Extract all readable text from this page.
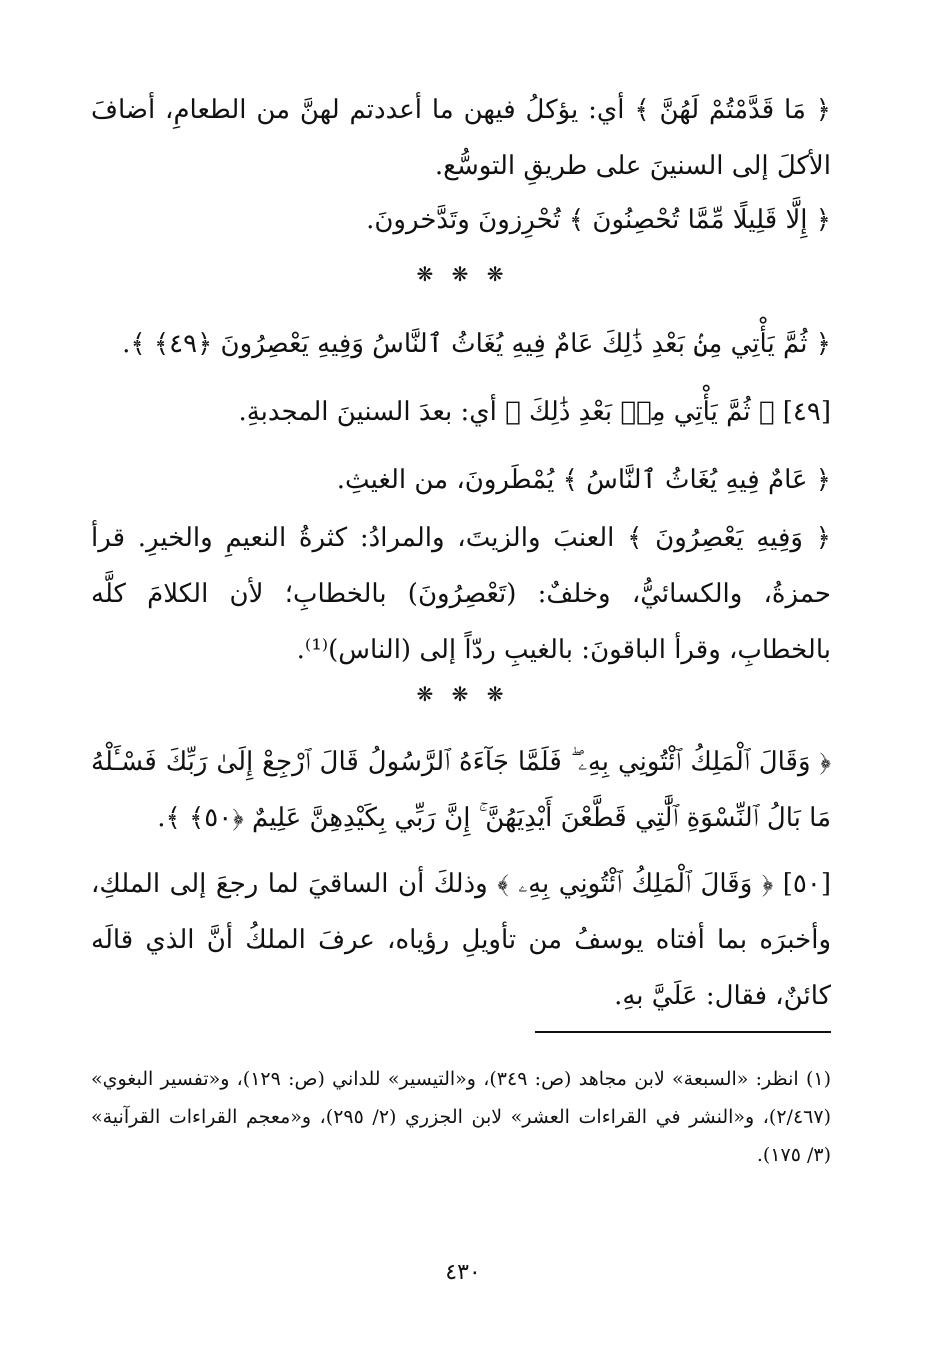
﴿ مَا قَدَّمْتُمْ لَهُنَّ ﴾ أي: يؤكلُ فيهن ما أعددتم لهنَّ من الطعامِ، أضافَ الأكلَ إلى السنينَ على طريقِ التوسُّع.

﴿ إِلَّا قَلِيلًا مِّمَّا تُحْصِنُونَ ﴾ تُحْرِزونَ وتَدَّخرونَ.

❋ ❋ ❋

﴿ ثُمَّ يَأْتِي مِنۢ بَعْدِ ذَٰلِكَ عَامٌ فِيهِ يُغَاثُ ٱلنَّاسُ وَفِيهِ يَعْصِرُونَ ﴿٤٩﴾ ﴾.

[٤٩] ﴿ ثُمَّ يَأْتِي مِنۢ بَعْدِ ذَٰلِكَ ﴾ أي: بعدَ السنينَ المجدبةِ.

﴿ عَامٌ فِيهِ يُغَاثُ ٱلنَّاسُ ﴾ يُمْطَرونَ، من الغيثِ.

﴿ وَفِيهِ يَعْصِرُونَ ﴾ العنبَ والزيتَ، والمرادُ: كثرةُ النعيمِ والخيرِ. قرأ حمزةُ، والكسائيُّ، وخلفٌ: (تَعْصِرُونَ) بالخطابِ؛ لأن الكلامَ كلَّه بالخطابِ، وقرأ الباقونَ: بالغيبِ ردّاً إلى (الناس)⁽¹⁾.

❋ ❋ ❋

﴿ وَقَالَ ٱلْمَلِكُ ٱئْتُونِي بِهِۦ ۖ فَلَمَّا جَآءَهُ ٱلرَّسُولُ قَالَ ٱرْجِعْ إِلَىٰ رَبِّكَ فَسْـَٔلْهُ مَا بَالُ ٱلنِّسْوَةِ ٱلَّٰتِي قَطَّعْنَ أَيْدِيَهُنَّ ۚ إِنَّ رَبِّي بِكَيْدِهِنَّ عَلِيمٌ ﴿٥٠﴾ ﴾.

[٥٠] ﴿ وَقَالَ ٱلْمَلِكُ ٱئْتُونِي بِهِۦ ﴾ وذلكَ أن الساقيَ لما رجعَ إلى الملكِ، وأخبرَه بما أفتاه يوسفُ من تأويلِ رؤياه، عرفَ الملكُ أنَّ الذي قالَه كائنٌ، فقال: عَلَيَّ بهِ.

(١) انظر: «السبعة» لابن مجاهد (ص: ٣٤٩)، و«التيسير» للداني (ص: ١٢٩)، و«تفسير البغوي» (٢/٤٦٧)، و«النشر في القراءات العشر» لابن الجزري (٢/ ٢٩٥)، و«معجم القراءات القرآنية» (٣/ ١٧٥).

٤٣٠
